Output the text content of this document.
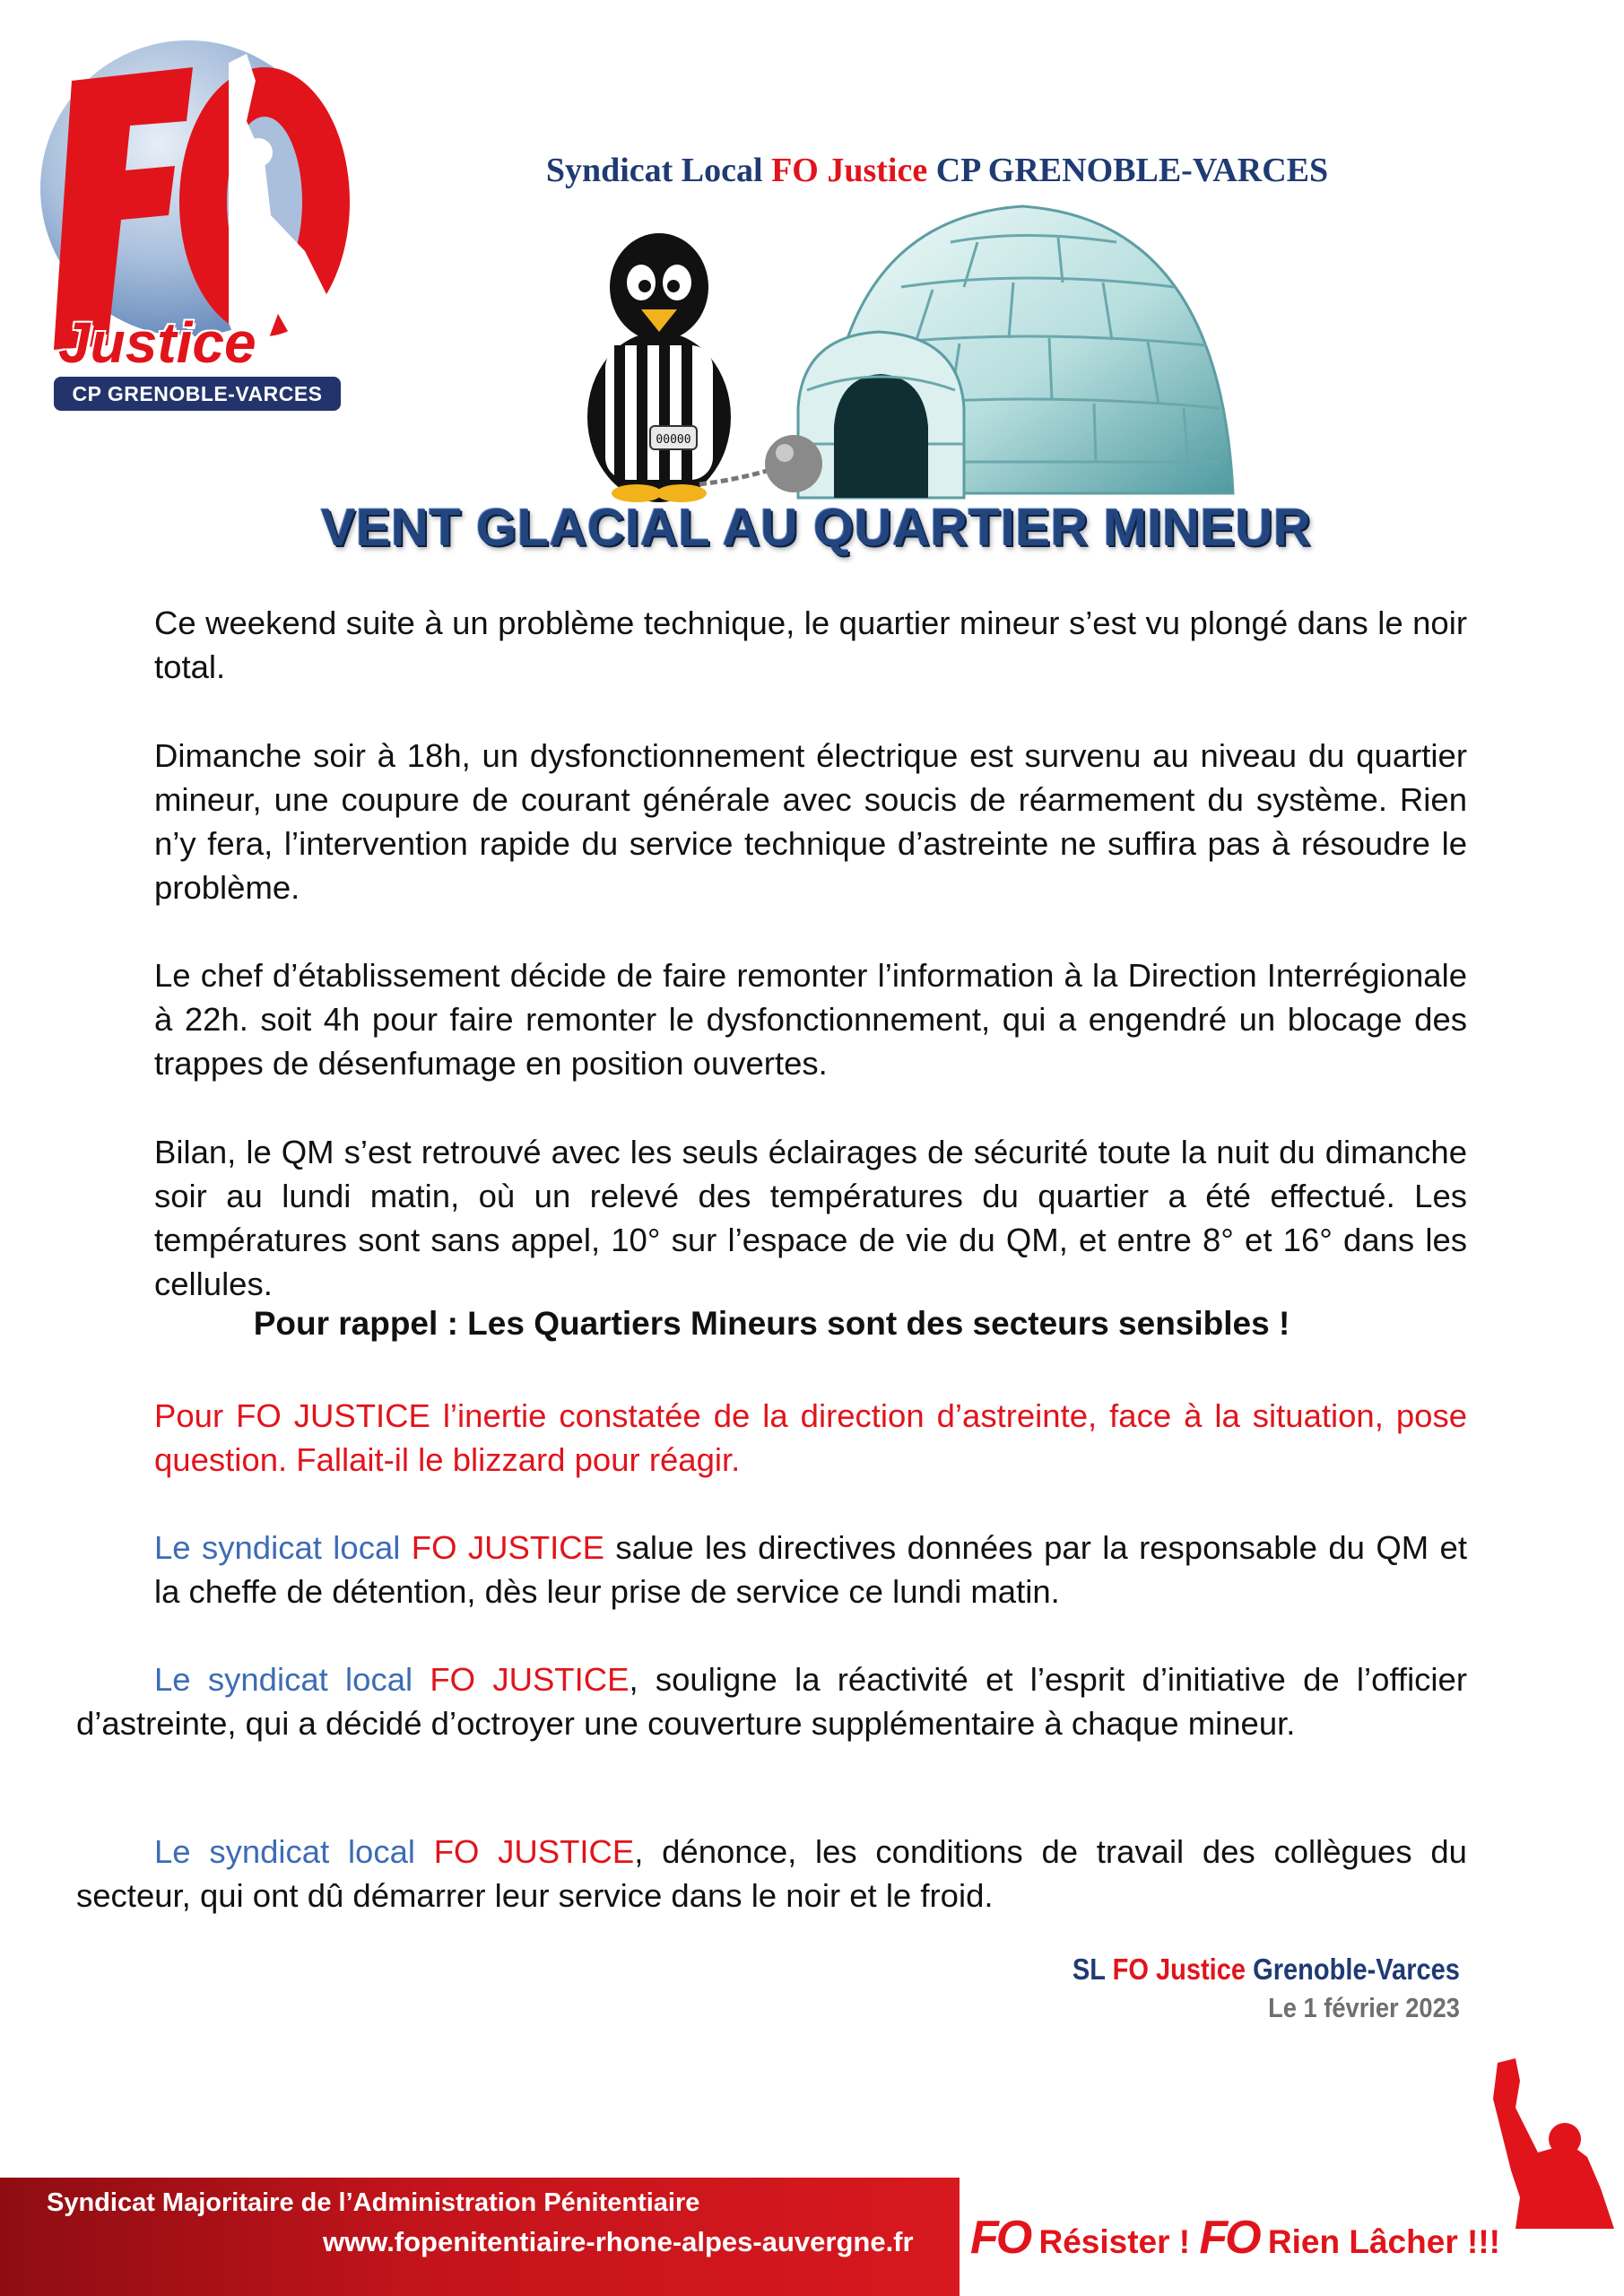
Justice
CP GRENOBLE-VARCES
Syndicat Local FO Justice CP GRENOBLE-VARCES
00000
VENT GLACIAL AU QUARTIER MINEUR
Ce weekend suite à un problème technique, le quartier mineur s’est vu plongé dans le noir total.
Dimanche soir à 18h, un dysfonctionnement électrique est survenu au niveau du quartier mineur, une coupure de courant générale avec soucis de réarmement du système. Rien n’y fera, l’intervention rapide du service technique d’astreinte ne suffira pas à résoudre le problème.
Le chef d’établissement décide de faire remonter l’information à la Direction Interrégionale à 22h. soit 4h pour faire remonter le dysfonctionnement, qui a engendré un blocage des trappes de désenfumage en position ouvertes.
Bilan, le QM s’est retrouvé avec les seuls éclairages de sécurité toute la nuit du dimanche soir au lundi matin, où un relevé des températures du quartier a été effectué. Les températures sont sans appel, 10° sur l’espace de vie du QM, et entre 8° et 16° dans les cellules.
Pour rappel : Les Quartiers Mineurs sont des secteurs sensibles !
Pour FO JUSTICE l’inertie constatée de la direction d’astreinte, face à la situation, pose question. Fallait-il le blizzard pour réagir.
Le syndicat local FO JUSTICE salue les directives données par la responsable du QM et la cheffe de détention, dès leur prise de service ce lundi matin.
Le syndicat local FO JUSTICE, souligne la réactivité et l’esprit d’initiative de l’officier d’astreinte, qui a décidé d’octroyer une couverture supplémentaire à chaque mineur.
Le syndicat local FO JUSTICE, dénonce, les conditions de travail des collègues du secteur, qui ont dû démarrer leur service dans le noir et le froid.
SL FO Justice Grenoble-Varces
Le 1 février 2023
Syndicat Majoritaire de l’Administration Pénitentiaire
www.fopenitentiaire-rhone-alpes-auvergne.fr FO Résister ! FO Rien Lâcher !!!
